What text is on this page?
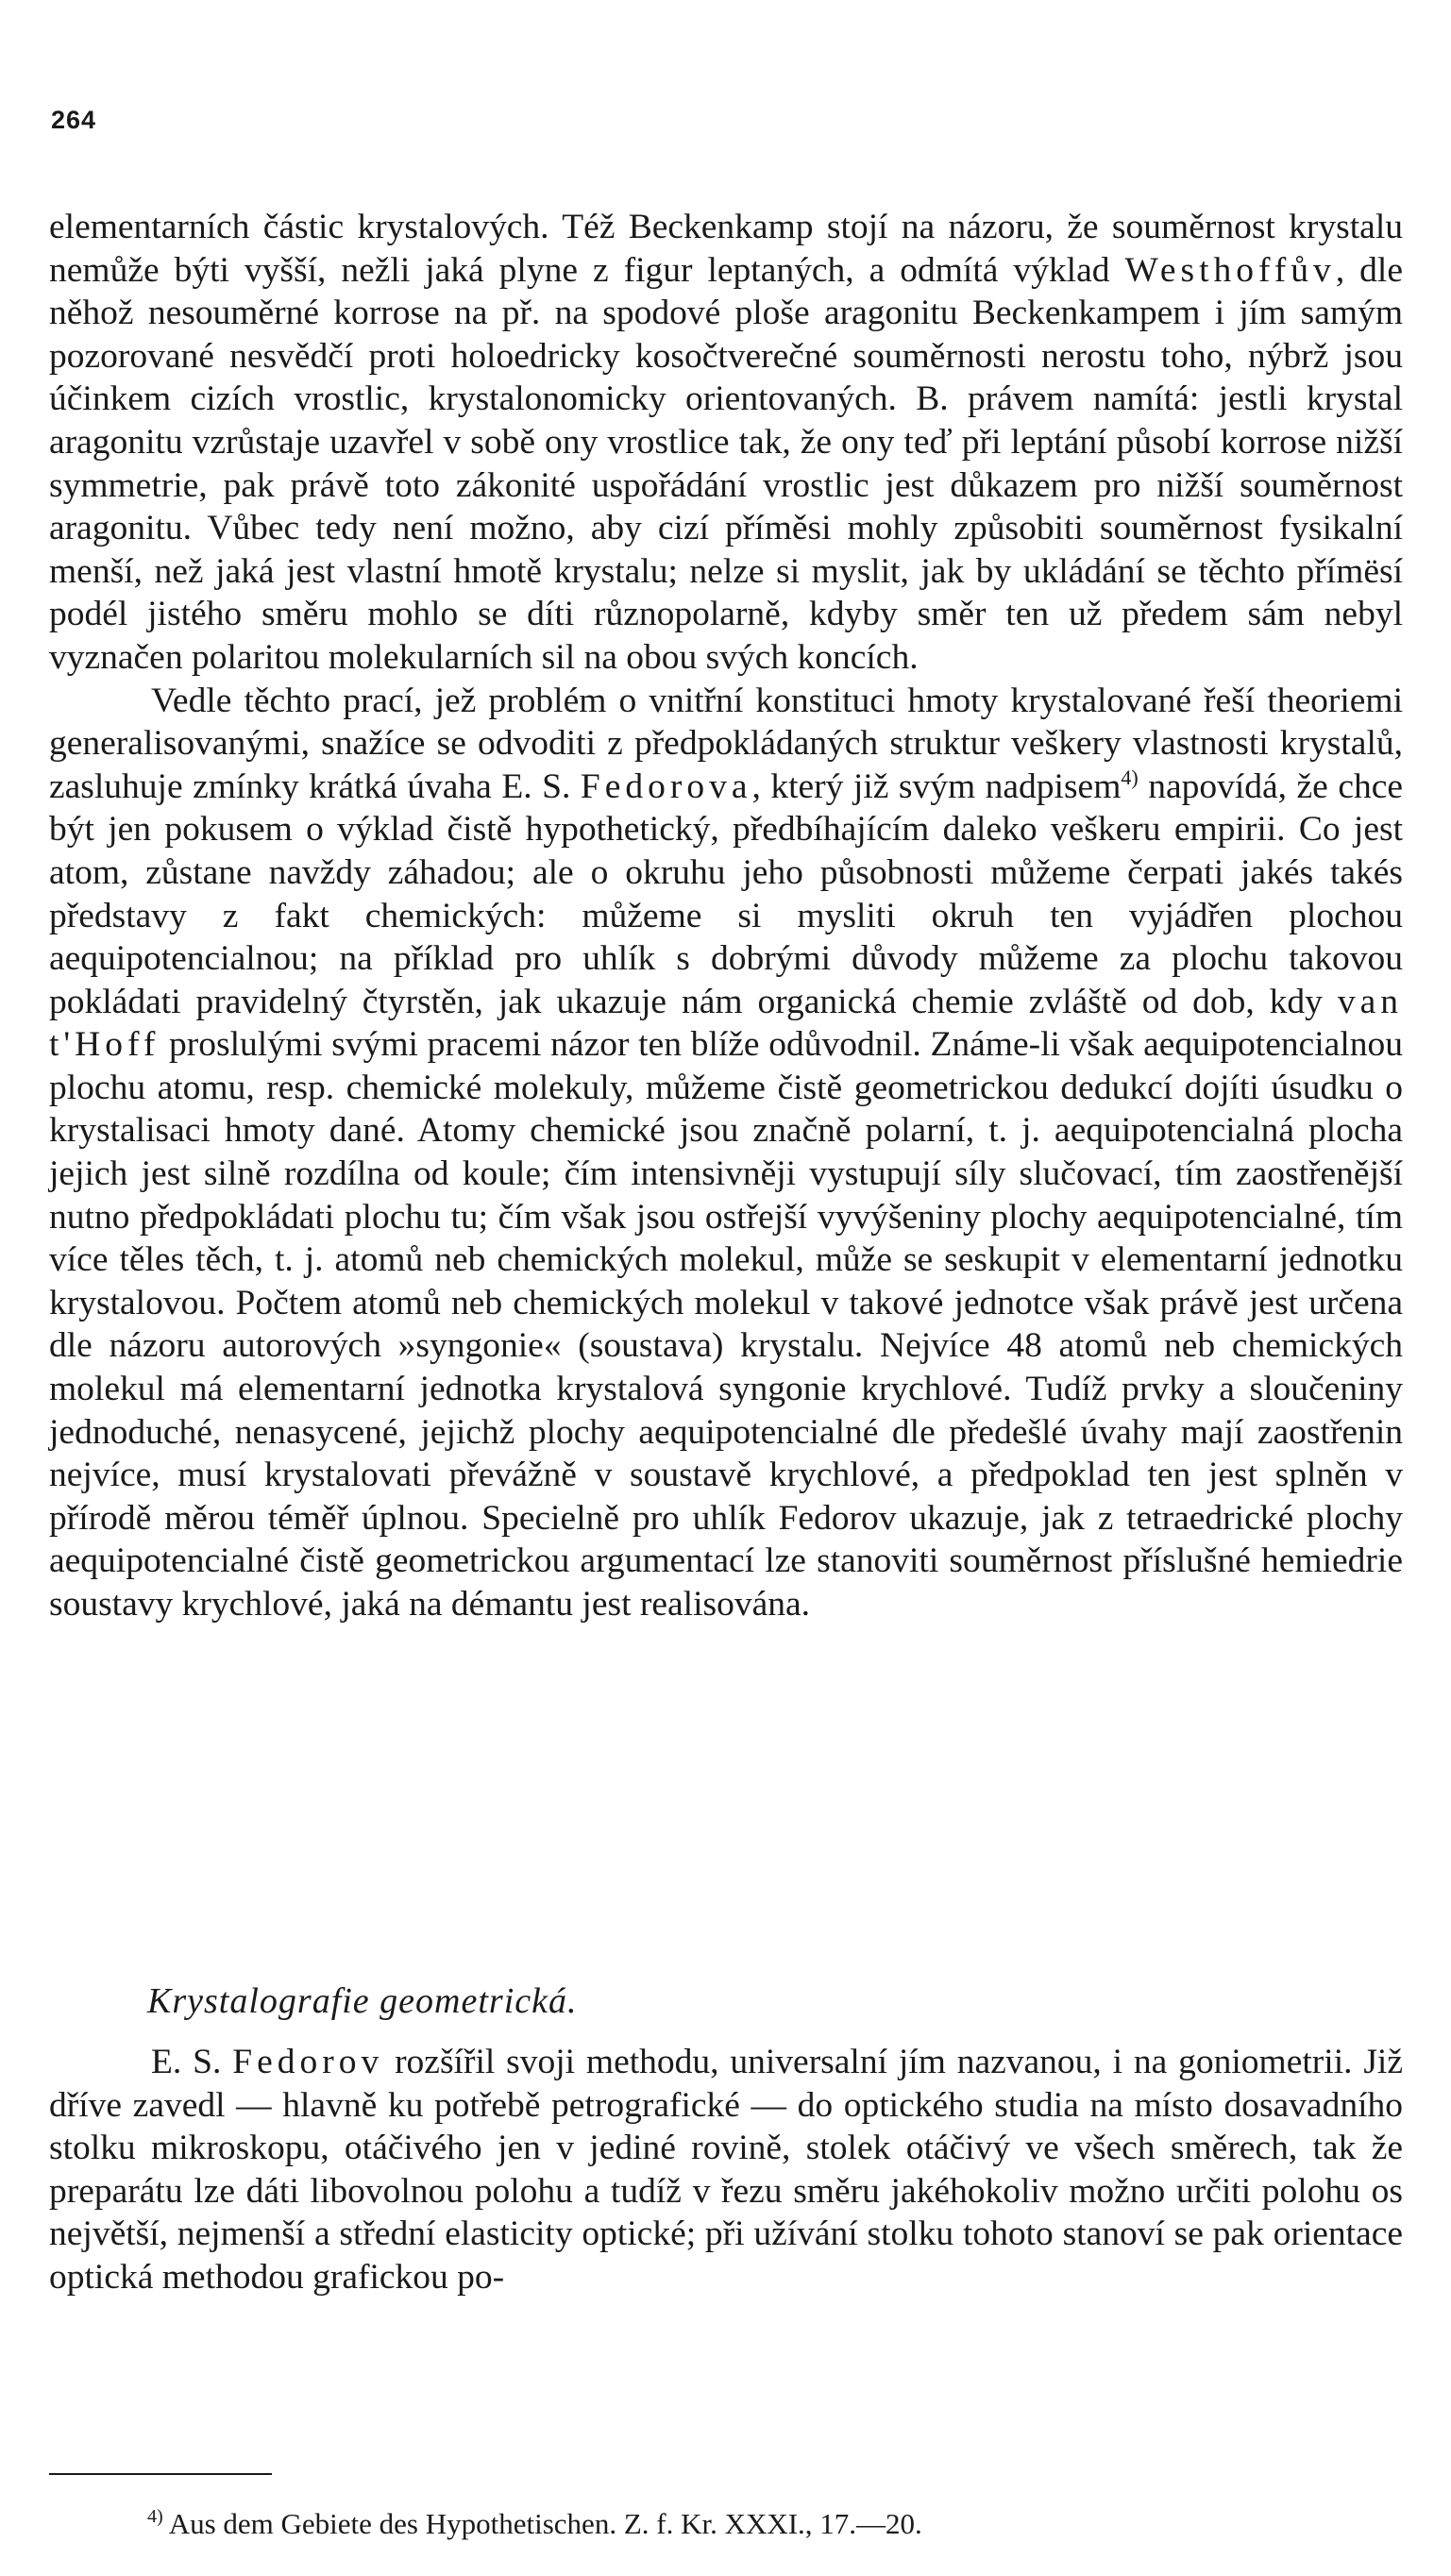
264

elementarních částic krystalových. Též Beckenkamp stojí na názoru, že souměrnost krystalu nemůže býti vyšší, nežli jaká plyne z figur leptaných, a odmítá výklad Westhoffův, dle něhož nesouměrné korrose na př. na spodové ploše aragonitu Beckenkampem i jím samým pozorované nesvědčí proti holoedricky kosočtverečné souměrnosti nerostu toho, nýbrž jsou účinkem cizích vrostlic, krystalonomicky orientovaných. B. právem namítá: jestli krystal aragonitu vzrůstaje uzavřel v sobě ony vrostlice tak, že ony teď při leptání působí korrose nižší symmetrie, pak právě toto zákonité uspořádání vrostlic jest důkazem pro nižší souměrnost aragonitu. Vůbec tedy není možno, aby cizí příměsi mohly způsobiti souměrnost fysikalní menší, než jaká jest vlastní hmotě krystalu; nelze si myslit, jak by ukládání se těchto přímësí podél jistého směru mohlo se díti různopolarně, kdyby směr ten už předem sám nebyl vyznačen polaritou molekularních sil na obou svých koncích.

Vedle těchto prací, jež problém o vnitřní konstituci hmoty krystalované řeší theoriemi generalisovanými, snažíce se odvoditi z předpokládaných struktur veškery vlastnosti krystalů, zasluhuje zmínky krátká úvaha E. S. Fedorova, který již svým nadpisem$^{4)}$ napovídá, že chce být jen pokusem o výklad čistě hypothetický, předbíhajícím daleko veškeru empirii. Co jest atom, zůstane navždy záhadou; ale o okruhu jeho působnosti můžeme čerpati jakés takés představy z fakt chemických: můžeme si mysliti okruh ten vyjádřen plochou aequipotencialnou; na příklad pro uhlík s dobrými důvody můžeme za plochu takovou pokládati pravidelný čtyrstěn, jak ukazuje nám organická chemie zvláště od dob, kdy van t'Hoff proslulými svými pracemi názor ten blíže odůvodnil. Známe-li však aequipotencialnou plochu atomu, resp. chemické molekuly, můžeme čistě geometrickou dedukcí dojíti úsudku o krystalisaci hmoty dané. Atomy chemické jsou značně polarní, t. j. aequipotencialná plocha jejich jest silně rozdílna od koule; čím intensivněji vystupují síly slučovací, tím zaostřenější nutno předpokládati plochu tu; čím však jsou ostřejší vyvýšeniny plochy aequipotencialné, tím více těles těch, t. j. atomů neb chemických molekul, může se seskupit v elementarní jednotku krystalovou. Počtem atomů neb chemických molekul v takové jednotce však právě jest určena dle názoru autorových »syngonie« (soustava) krystalu. Nejvíce 48 atomů neb chemických molekul má elementarní jednotka krystalová syngonie krychlové. Tudíž prvky a sloučeniny jednoduché, nenasycené, jejichž plochy aequipotencialné dle předešlé úvahy mají zaostřenin nejvíce, musí krystalovati převážně v soustavě krychlové, a předpoklad ten jest splněn v přírodě měrou téměř úplnou. Specielně pro uhlík Fedorov ukazuje, jak z tetraedrické plochy aequipotencialné čistě geometrickou argumentací lze stanoviti souměrnost příslušné hemiedrie soustavy krychlové, jaká na démantu jest realisována.

Krystalografie geometrická.

E. S. Fedorov rozšířil svoji methodu, universalní jím nazvanou, i na goniometrii. Již dříve zavedl — hlavně ku potřebě petrografické — do optického studia na místo dosavadního stolku mikroskopu, otáčivého jen v jediné rovině, stolek otáčivý ve všech směrech, tak že preparátu lze dáti libovolnou polohu a tudíž v řezu směru jakéhokoliv možno určiti polohu os největší, nejmenší a střední elasticity optické; při užívání stolku tohoto stanoví se pak orientace optická methodou grafickou po-

$^{4)}$ Aus dem Gebiete des Hypothetischen. Z. f. Kr. XXXI., 17.—20.
